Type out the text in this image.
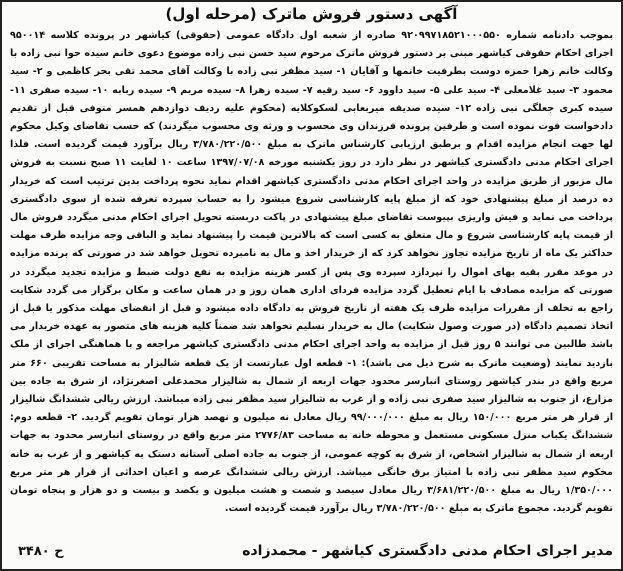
آگهی دستور فروش ماترک (مرحله اول)
بموجب دادنامه شماره ۹۲۰۹۹۷۱۸۵۲۱۰۰۰۵۵۰ صادره از شعبه اول دادگاه عمومی (حقوقی) کیاشهر در پرونده کلاسه ۹۵۰۰۱۴ اجرای احکام حقوقی کیاشهر مبنی بر دستور فروش ماترک مرحوم سید حسن نبی زاده موضوع دعوی خانم سیده حوا نبی زاده با وکالت خانم زهرا حمزه دوست بطرفیت خانمها و آقایان ۱- سید مظفر نبی زاده با وکالت آقای محمد تقی بحر کاظمی و ۲- سید محمود ۳- سید غلامعلی ۴- سید علی ۵- سید داوود ۶- سید رقیه ۷- سیده زهرا ۸- سیده مریم ۹- سیده ربابه ۱۰- سیده صفری ۱۱- سیده کبری جعلگی نبی زاده ۱۲- سیده صدیقه میربعابی لسکوکلایه (محکوم علیه ردیف دوازدهم همسر متوفی قبل از تقدیم دادخواست فوت نموده است و طرفین پرونده فرزندان وی محسوب و ورثه وی محسوب میگردند) که حسب تقاضای وکیل محکوم لها جهت انجام مزایده اقدام و برطبق ارزیابی کارشناس ماترک به مبلغ ۳/۷۸۰/۲۲۰/۵۰۰ ریال برآورد قیمت گردیده است. فلذا اجرای احکام مدنی دادگستری کیاشهر در نظر دارد در روز یکشنبه مورخه ۱۳۹۷/۰۷/۰۸ ساعت ۱۰ لغایت ۱۱ صبح نسبت به فروش مال مزبور از طریق مزایده در واحد اجرای احکام مدنی دادگستری کیاشهر اقدام نماید نحوه پرداخت بدین ترتیب است که خریدار ده درصد از مبلغ پیشنهادی خود که از مبلغ پایه کارشناسی شروع میشود را به حساب سپرده تعرفه شده از سوی دادگستری پرداخت می نماید و فیش واریزی بپیوست تقاضای مبلغ پیشنهادی در پاکت دربسته تحویل اجرای احکام مدنی میگردد فروش مال از قیمت پایه کارشناسی شروع و مال متعلق به کسی است که بالاترین قیمت را پیشنهاد نماید و الباقی وجه مزایده ظرف مهلت حداکثر یک ماه از تاریخ مزایده تجاوز نخواهد کرد که از خریدار اخذ و مال به نامبرده تحویل خواهد شد در صورتی که برنده مزایده در موعد مقرر بقیه بهای اموال را نپردازد سپرده وی پس از کسر هزینه مزایده به نفع دولت ضبط و مزایده تجدید میگردد در صورتی که مزایده مصادف با ایام تعطیل گردد مزایده فردای اداری همان روز و در همان ساعت و مکان برگزار می گردد شکایت راجع به تخلف از مقررات مزایده ظرف یک هفته از تاریخ فروش به دادگاه داده میشود و قبل از انقضای مهلت مذکور یا قبل از اتخاذ تصمیم دادگاه (در صورت وصول شکایت) مال به خریدار تسلیم نخواهد شد ضمناً کلیه هزینه های متصور به عهده خریدار می باشد طالبین می توانند ۵ روز قبل از مزایده به واحد اجرای احکام مدنی دادگستری کیاشهر مراجعه و با هماهنگی اجرای از ملک بازدید نمایند (وضعیت ماترک به شرح ذیل می باشد): ۱- قطعه اول عبارتست از یک قطعه شالیزار به مساحت تقریبی ۶۶۰ متر مربع واقع در بندر کیاشهر روستای انبارسر محدود جهات اربعه از شمال به شالیزار محمدعلی اصغرنژاد، از شرق به جاده بین مزارع، از جنوب به شالیزار سید صفری نبی زاده و از غرب به شالیزار سید مظفر نبی زاده میباشد. ارزش ریالی ششدانگ شالیزار از قرار هر متر مربع ۱۵۰/۰۰۰ ریال به مبلغ ۹۹/۰۰۰/۰۰۰ ریال معادل نه میلیون و نهصد هزار تومان تقویم گردید. ۲- قطعه دوم: ششدانگ یکباب منزل مسکونی مستعمل و محوطه خانه به مساحت ۲۷۷۶/۸۳ متر مربع واقع در روستای انبارسر محدود به جهات اربعه از شمال به شالیزار اشخاص، از شرق به کوچه عمومی، از جنوب به جاده اصلی آستانه دستک به کیاشهر و از غرب به خانه محکوم سید مظفر نبی زاده با امتیاز برق خانگی میباشد. ارزش ریالی ششدانگ عرصه و اعیان احداثی از قرار هر متر مربع ۱/۳۵۰/۰۰۰ ریال به مبلغ ۳/۶۸۱/۲۲۰/۵۰۰ ریال معادل سیصد و شصت و هشت میلیون و یکصد و بیست و دو هزار و پنجاه تومان تقویم گردید. مجموع ماترک به مبلغ ۳/۷۸۰/۲۲۰/۵۰۰ ریال برآورد قیمت گردیده است.
مدیر اجرای احکام مدنی دادگستری کیاشهر - محمدزاده
ح ۳۴۸۰
